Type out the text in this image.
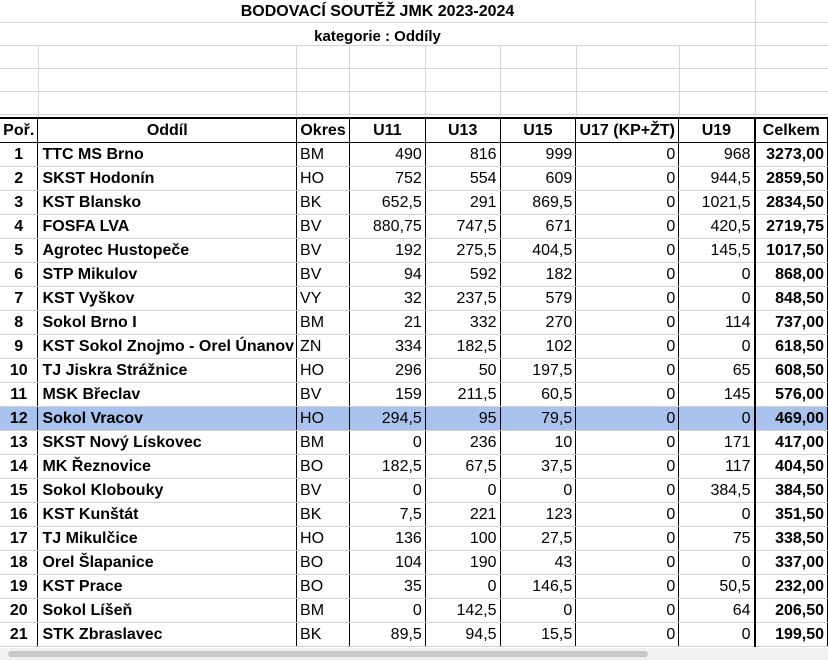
BODOVACÍ SOUTĚŽ JMK 2023-2024
kategorie : Oddíly
Poř.	Oddíl	Okres	U11	U13	U15	U17 (KP+ŽT)	U19	Celkem
1	TTC MS Brno	BM	490	816	999	0	968	3273,00
2	SKST Hodonín	HO	752	554	609	0	944,5	2859,50
3	KST Blansko	BK	652,5	291	869,5	0	1021,5	2834,50
4	FOSFA LVA	BV	880,75	747,5	671	0	420,5	2719,75
5	Agrotec Hustopeče	BV	192	275,5	404,5	0	145,5	1017,50
6	STP Mikulov	BV	94	592	182	0	0	868,00
7	KST Vyškov	VY	32	237,5	579	0	0	848,50
8	Sokol Brno I	BM	21	332	270	0	114	737,00
9	KST Sokol Znojmo - Orel Únanov	ZN	334	182,5	102	0	0	618,50
10	TJ Jiskra Strážnice	HO	296	50	197,5	0	65	608,50
11	MSK Břeclav	BV	159	211,5	60,5	0	145	576,00
12	Sokol Vracov	HO	294,5	95	79,5	0	0	469,00
13	SKST Nový Lískovec	BM	0	236	10	0	171	417,00
14	MK Řeznovice	BO	182,5	67,5	37,5	0	117	404,50
15	Sokol Klobouky	BV	0	0	0	0	384,5	384,50
16	KST Kunštát	BK	7,5	221	123	0	0	351,50
17	TJ Mikulčice	HO	136	100	27,5	0	75	338,50
18	Orel Šlapanice	BO	104	190	43	0	0	337,00
19	KST Prace	BO	35	0	146,5	0	50,5	232,00
20	Sokol Líšeň	BM	0	142,5	0	0	64	206,50
21	STK Zbraslavec	BK	89,5	94,5	15,5	0	0	199,50
